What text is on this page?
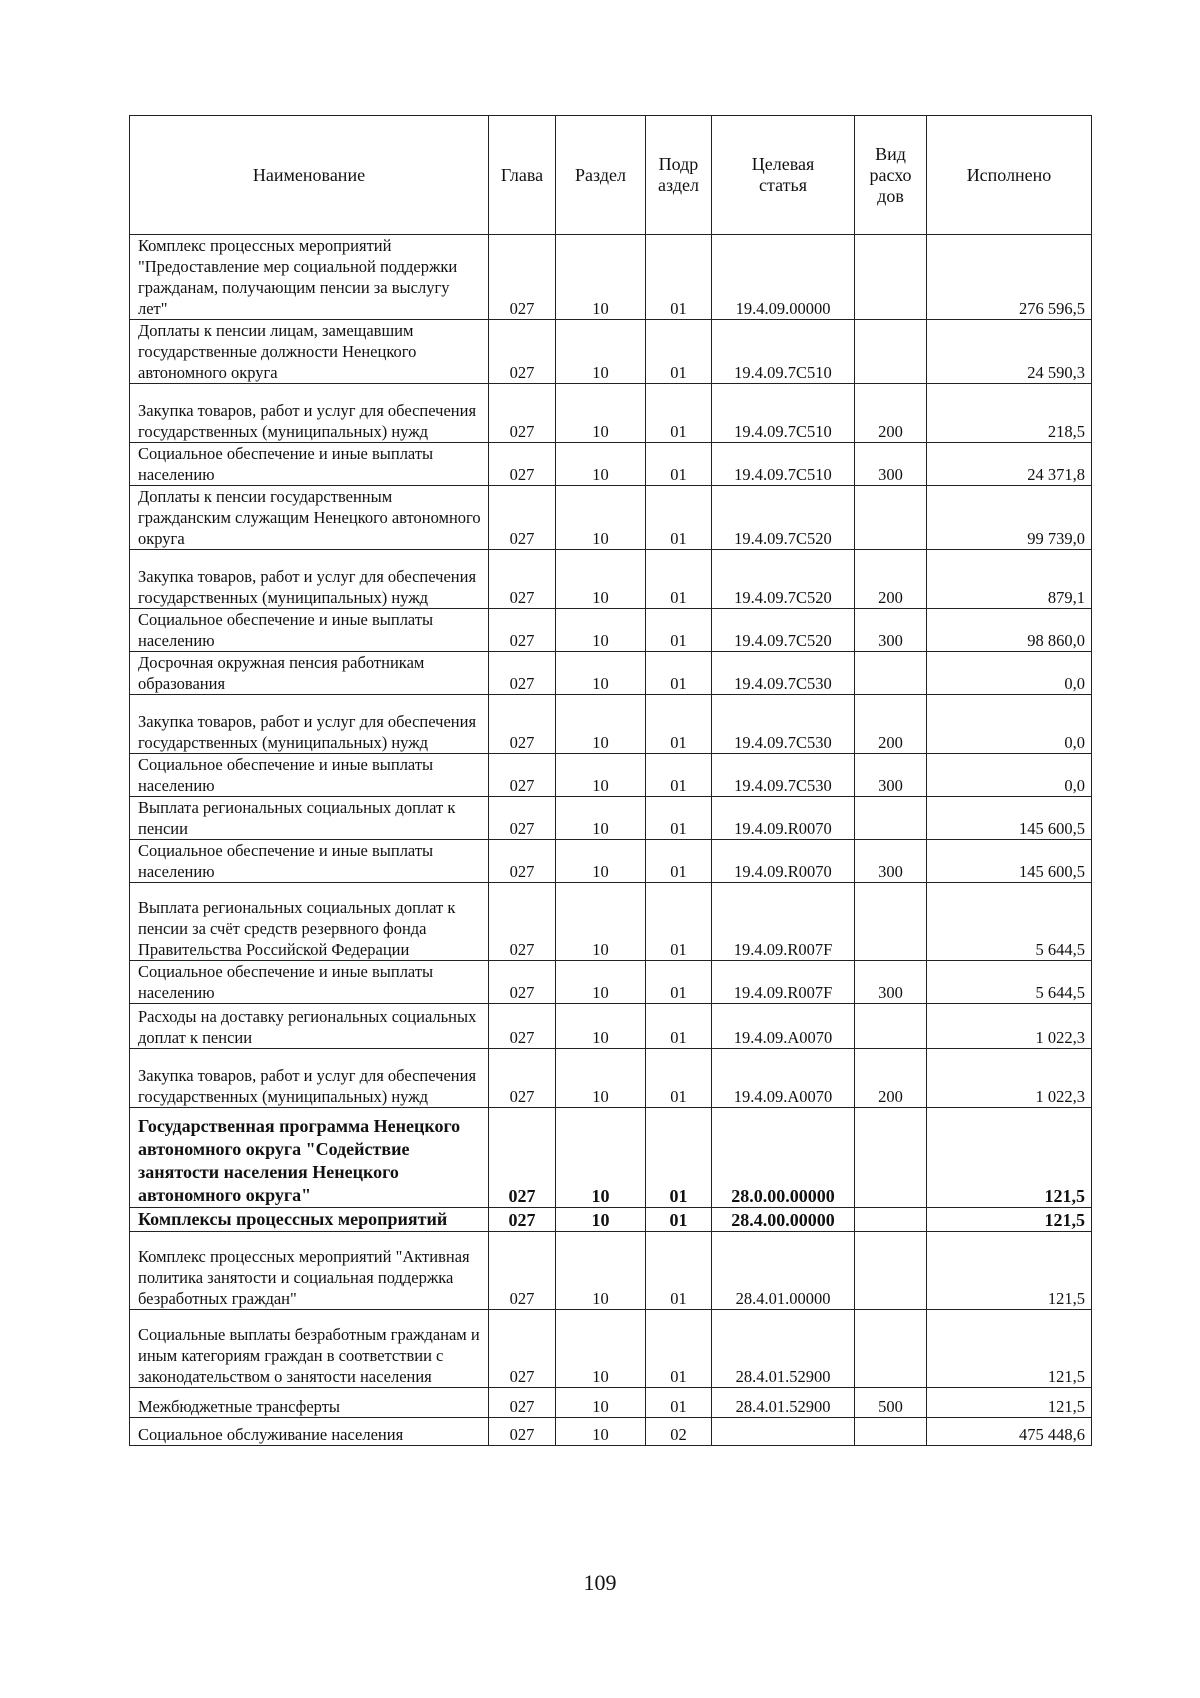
Наименование	Глава	Раздел	Подр аздел	Целевая статья	Вид расхо дов	Исполнено
Комплекс процессных мероприятий "Предоставление мер социальной поддержки гражданам, получающим пенсии за выслугу лет"	027	10	01	19.4.09.00000		276 596,5
Доплаты к пенсии лицам, замещавшим государственные должности Ненецкого автономного округа	027	10	01	19.4.09.7С510		24 590,3
Закупка товаров, работ и услуг для обеспечения государственных (муниципальных) нужд	027	10	01	19.4.09.7С510	200	218,5
Социальное обеспечение и иные выплаты населению	027	10	01	19.4.09.7С510	300	24 371,8
Доплаты к пенсии государственным гражданским служащим Ненецкого автономного округа	027	10	01	19.4.09.7С520		99 739,0
Закупка товаров, работ и услуг для обеспечения государственных (муниципальных) нужд	027	10	01	19.4.09.7С520	200	879,1
Социальное обеспечение и иные выплаты населению	027	10	01	19.4.09.7С520	300	98 860,0
Досрочная окружная пенсия работникам образования	027	10	01	19.4.09.7С530		0,0
Закупка товаров, работ и услуг для обеспечения государственных (муниципальных) нужд	027	10	01	19.4.09.7С530	200	0,0
Социальное обеспечение и иные выплаты населению	027	10	01	19.4.09.7С530	300	0,0
Выплата региональных социальных доплат к пенсии	027	10	01	19.4.09.R0070		145 600,5
Социальное обеспечение и иные выплаты населению	027	10	01	19.4.09.R0070	300	145 600,5
Выплата региональных социальных доплат к пенсии за счёт средств резервного фонда Правительства Российской Федерации	027	10	01	19.4.09.R007F		5 644,5
Социальное обеспечение и иные выплаты населению	027	10	01	19.4.09.R007F	300	5 644,5
Расходы на доставку региональных социальных доплат к пенсии	027	10	01	19.4.09.А0070		1 022,3
Закупка товаров, работ и услуг для обеспечения государственных (муниципальных) нужд	027	10	01	19.4.09.А0070	200	1 022,3
Государственная программа Ненецкого автономного округа "Содействие занятости населения Ненецкого автономного округа"	027	10	01	28.0.00.00000		121,5
Комплексы процессных мероприятий	027	10	01	28.4.00.00000		121,5
Комплекс процессных мероприятий "Активная политика занятости и социальная поддержка безработных граждан"	027	10	01	28.4.01.00000		121,5
Социальные выплаты безработным гражданам и иным категориям граждан в соответствии с законодательством о занятости населения	027	10	01	28.4.01.52900		121,5
Межбюджетные трансферты	027	10	01	28.4.01.52900	500	121,5
Социальное обслуживание населения	027	10	02			475 448,6
109
